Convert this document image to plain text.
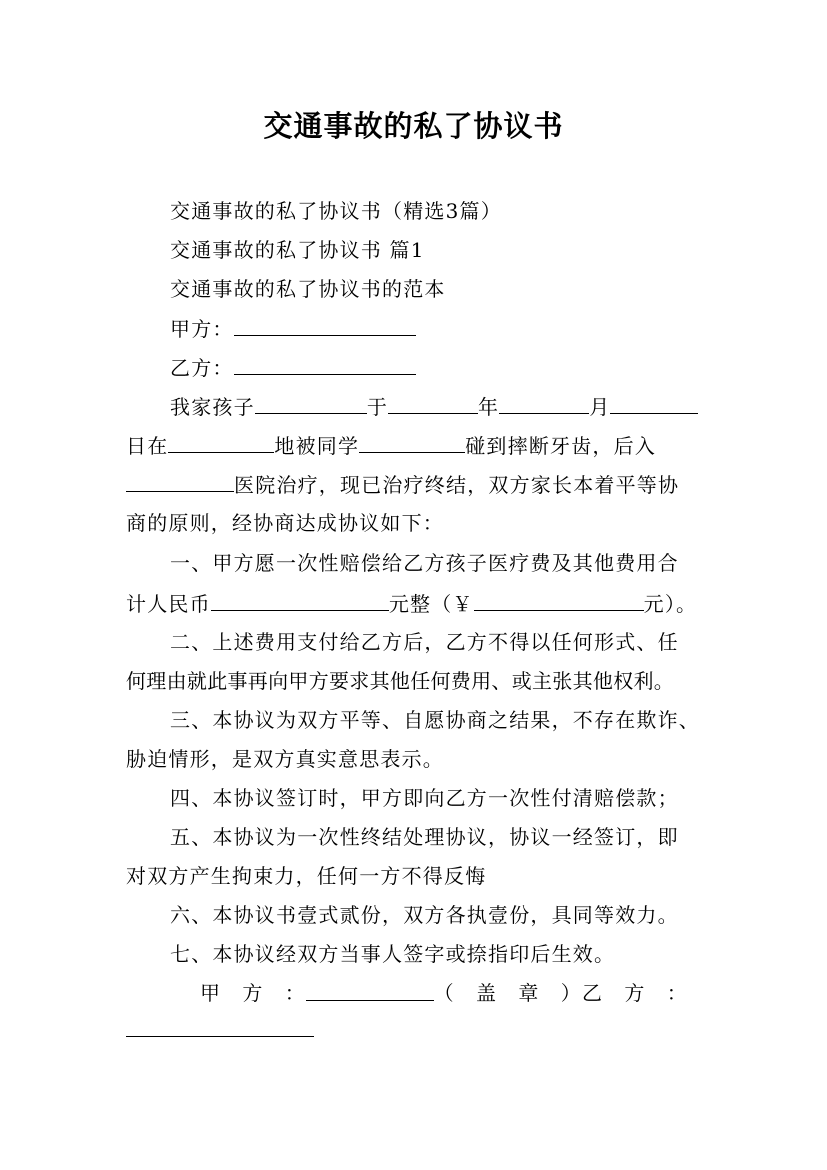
交通事故的私了协议书
交通事故的私了协议书（精选3篇）
交通事故的私了协议书 篇1
交通事故的私了协议书的范本
甲方：
乙方：
我家孩子	于	年	月
日在	地被同学	碰到摔断牙齿，后入
医院治疗，现已治疗终结，双方家长本着平等协
商的原则，经协商达成协议如下：
一、甲方愿一次性赔偿给乙方孩子医疗费及其他费用合
计人民币	元整（￥	元）。
二、上述费用支付给乙方后，乙方不得以任何形式、任
何理由就此事再向甲方要求其他任何费用、或主张其他权利。
三、本协议为双方平等、自愿协商之结果，不存在欺诈、
胁迫情形，是双方真实意思表示。
四、本协议签订时，甲方即向乙方一次性付清赔偿款；
五、本协议为一次性终结处理协议，协议一经签订，即
对双方产生拘束力，任何一方不得反悔
六、本协议书壹式贰份，双方各执壹份，具同等效力。
七、本协议经双方当事人签字或捺指印后生效。
甲　方　：	（　盖　章　） 乙　方　：
